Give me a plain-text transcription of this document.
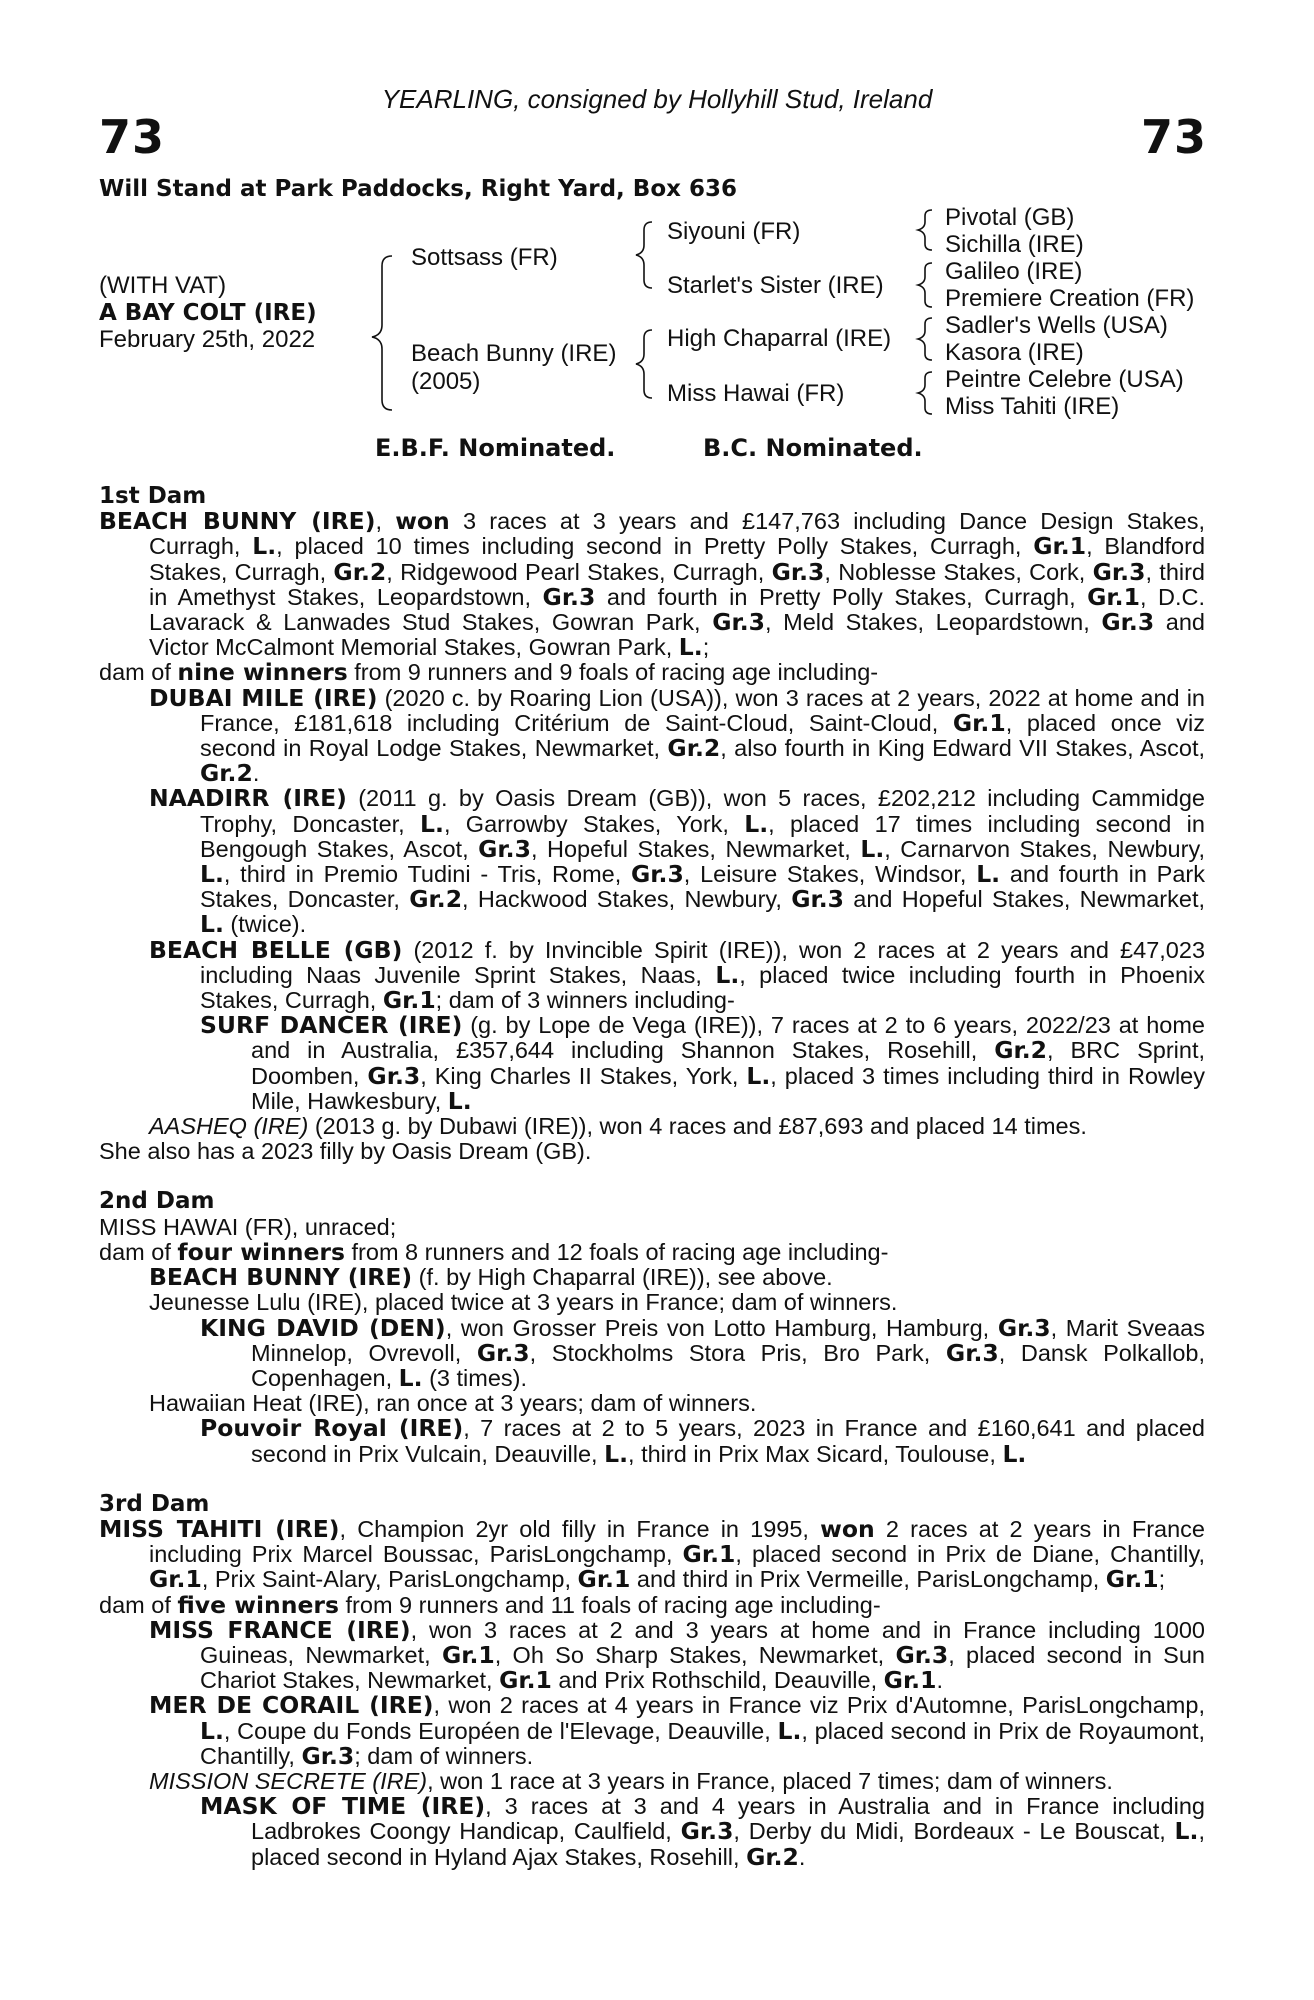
YEARLING, consigned by Hollyhill Stud, Ireland
73	73
Will Stand at Park Paddocks, Right Yard, Box 636
(WITH VAT)
A BAY COLT (IRE)
February 25th, 2022
Sottsass (FR)
Beach Bunny (IRE)
(2005)
Siyouni (FR)
Starlet's Sister (IRE)
High Chaparral (IRE)
Miss Hawai (FR)
Pivotal (GB)
Sichilla (IRE)
Galileo (IRE)
Premiere Creation (FR)
Sadler's Wells (USA)
Kasora (IRE)
Peintre Celebre (USA)
Miss Tahiti (IRE)
E.B.F. Nominated.	B.C. Nominated.
1st Dam

BEACH BUNNY (IRE), won 3 races at 3 years and £147,763 including Dance Design Stakes, Curragh, L., placed 10 times including second in Pretty Polly Stakes, Curragh, Gr.1, Blandford Stakes, Curragh, Gr.2, Ridgewood Pearl Stakes, Curragh, Gr.3, Noblesse Stakes, Cork, Gr.3, third in Amethyst Stakes, Leopardstown, Gr.3 and fourth in Pretty Polly Stakes, Curragh, Gr.1, D.C. Lavarack & Lanwades Stud Stakes, Gowran Park, Gr.3, Meld Stakes, Leopardstown, Gr.3 and Victor McCalmont Memorial Stakes, Gowran Park, L.;

dam of nine winners from 9 runners and 9 foals of racing age including-

DUBAI MILE (IRE) (2020 c. by Roaring Lion (USA)), won 3 races at 2 years, 2022 at home and in France, £181,618 including Critérium de Saint-Cloud, Saint-Cloud, Gr.1, placed once viz second in Royal Lodge Stakes, Newmarket, Gr.2, also fourth in King Edward VII Stakes, Ascot, Gr.2.

NAADIRR (IRE) (2011 g. by Oasis Dream (GB)), won 5 races, £202,212 including Cammidge Trophy, Doncaster, L., Garrowby Stakes, York, L., placed 17 times including second in Bengough Stakes, Ascot, Gr.3, Hopeful Stakes, Newmarket, L., Carnarvon Stakes, Newbury, L., third in Premio Tudini - Tris, Rome, Gr.3, Leisure Stakes, Windsor, L. and fourth in Park Stakes, Doncaster, Gr.2, Hackwood Stakes, Newbury, Gr.3 and Hopeful Stakes, Newmarket, L. (twice).

BEACH BELLE (GB) (2012 f. by Invincible Spirit (IRE)), won 2 races at 2 years and £47,023 including Naas Juvenile Sprint Stakes, Naas, L., placed twice including fourth in Phoenix Stakes, Curragh, Gr.1; dam of 3 winners including-

SURF DANCER (IRE) (g. by Lope de Vega (IRE)), 7 races at 2 to 6 years, 2022/23 at home and in Australia, £357,644 including Shannon Stakes, Rosehill, Gr.2, BRC Sprint, Doomben, Gr.3, King Charles II Stakes, York, L., placed 3 times including third in Rowley Mile, Hawkesbury, L.

AASHEQ (IRE) (2013 g. by Dubawi (IRE)), won 4 races and £87,693 and placed 14 times.

She also has a 2023 filly by Oasis Dream (GB).

2nd Dam

MISS HAWAI (FR), unraced;

dam of four winners from 8 runners and 12 foals of racing age including-

BEACH BUNNY (IRE) (f. by High Chaparral (IRE)), see above.

Jeunesse Lulu (IRE), placed twice at 3 years in France; dam of winners.

KING DAVID (DEN), won Grosser Preis von Lotto Hamburg, Hamburg, Gr.3, Marit Sveaas Minnelop, Ovrevoll, Gr.3, Stockholms Stora Pris, Bro Park, Gr.3, Dansk Polkallob, Copenhagen, L. (3 times).

Hawaiian Heat (IRE), ran once at 3 years; dam of winners.

Pouvoir Royal (IRE), 7 races at 2 to 5 years, 2023 in France and £160,641 and placed second in Prix Vulcain, Deauville, L., third in Prix Max Sicard, Toulouse, L.

3rd Dam

MISS TAHITI (IRE), Champion 2yr old filly in France in 1995, won 2 races at 2 years in France including Prix Marcel Boussac, ParisLongchamp, Gr.1, placed second in Prix de Diane, Chantilly, Gr.1, Prix Saint-Alary, ParisLongchamp, Gr.1 and third in Prix Vermeille, ParisLongchamp, Gr.1;

dam of five winners from 9 runners and 11 foals of racing age including-

MISS FRANCE (IRE), won 3 races at 2 and 3 years at home and in France including 1000 Guineas, Newmarket, Gr.1, Oh So Sharp Stakes, Newmarket, Gr.3, placed second in Sun Chariot Stakes, Newmarket, Gr.1 and Prix Rothschild, Deauville, Gr.1.

MER DE CORAIL (IRE), won 2 races at 4 years in France viz Prix d'Automne, ParisLongchamp, L., Coupe du Fonds Européen de l'Elevage, Deauville, L., placed second in Prix de Royaumont, Chantilly, Gr.3; dam of winners.

MISSION SECRETE (IRE), won 1 race at 3 years in France, placed 7 times; dam of winners.

MASK OF TIME (IRE), 3 races at 3 and 4 years in Australia and in France including Ladbrokes Coongy Handicap, Caulfield, Gr.3, Derby du Midi, Bordeaux - Le Bouscat, L., placed second in Hyland Ajax Stakes, Rosehill, Gr.2.
